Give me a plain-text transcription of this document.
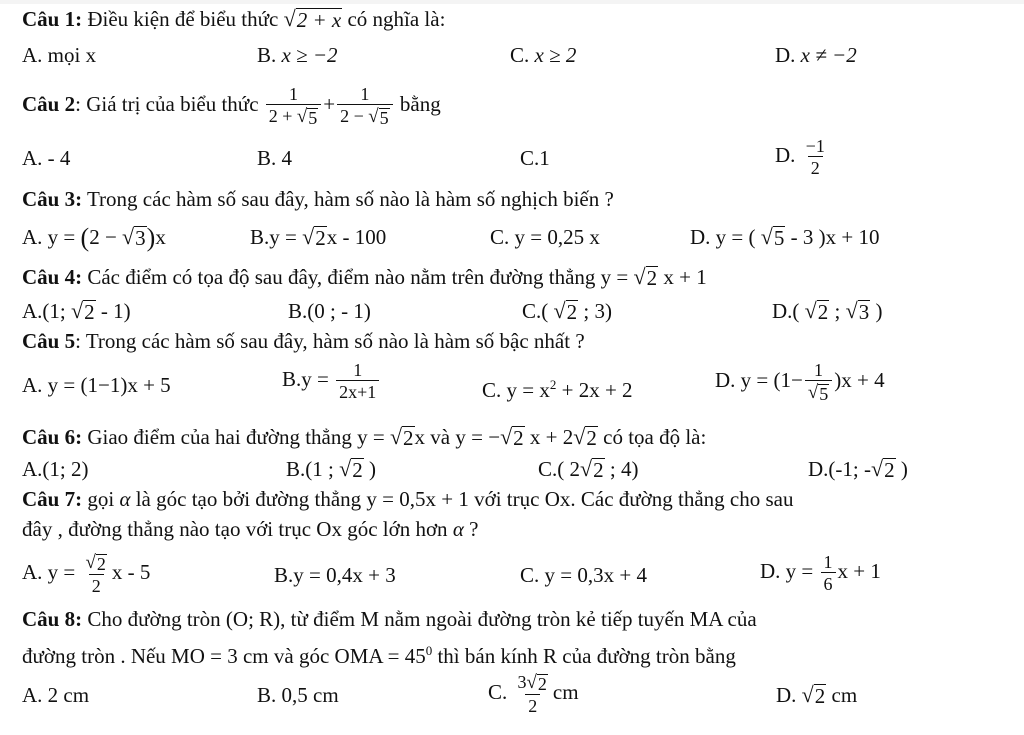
Câu 1: Điều kiện để biểu thức √ 2 + x có nghĩa là:
A. mọi x	B. x ≥ −2	C. x ≥ 2	D. x ≠ −2
Câu 2: Giá trị của biểu thức $\frac{1}{2 + √ 5} + \frac{1}{2 - √ 5}$ bằng
A. - 4	B. 4	C.1	D. $\frac{-1}{2}$
Câu 3: Trong các hàm số sau đây, hàm số nào là hàm số nghịch biến ?
A. y = (2 − √ 3 )x	B.y = √ 2 x - 100	C. y = 0,25 x	D. y = ( √ 5 - 3 )x + 10
Câu 4: Các điểm có tọa độ sau đây, điểm nào nằm trên đường thẳng y = √ 2 x + 1
A.(1; √ 2 - 1)	B.(0 ; - 1)	C.( √ 2 ; 3)	D.( √ 2 ; √ 3 )
Câu 5: Trong các hàm số sau đây, hàm số nào là hàm số bậc nhất ?
A. y = (1−1)x + 5	$B.y = \frac{1}{2x+1}$	C. $y = x^2 + 2x + 2$	D. $y = (1- \frac{1}{√ 5} )x + 4$
Câu 6: Giao điểm của hai đường thẳng y = √ 2 x và y = − √ 2 x + 2 √ 2 có tọa độ là:
A.(1; 2)	B.(1 ; √ 2 )	C.( 2 √ 2 ; 4)	D.(-1; - √ 2 )
Câu 7: gọi α là góc tạo bởi đường thẳng y = 0,5x + 1 với trục Ox. Các đường thẳng cho sau
đây , đường thẳng nào tạo với trục Ox góc lớn hơn α ?
A. $y = \frac{√ 2}{2}$ x - 5	B.y = 0,4x + 3	C. y = 0,3x + 4	D. $y = \frac{1}{6}$ x + 1
Câu 8: Cho đường tròn (O; R), từ điểm M nằm ngoài đường tròn kẻ tiếp tuyến MA của
đường tròn . Nếu MO = 3 cm và góc OMA = $45^0$ thì bán kính R của đường tròn bằng
A. 2 cm	B. 0,5 cm	C. $\frac{3 √ 2}{2}$ cm	D. √ 2 cm
